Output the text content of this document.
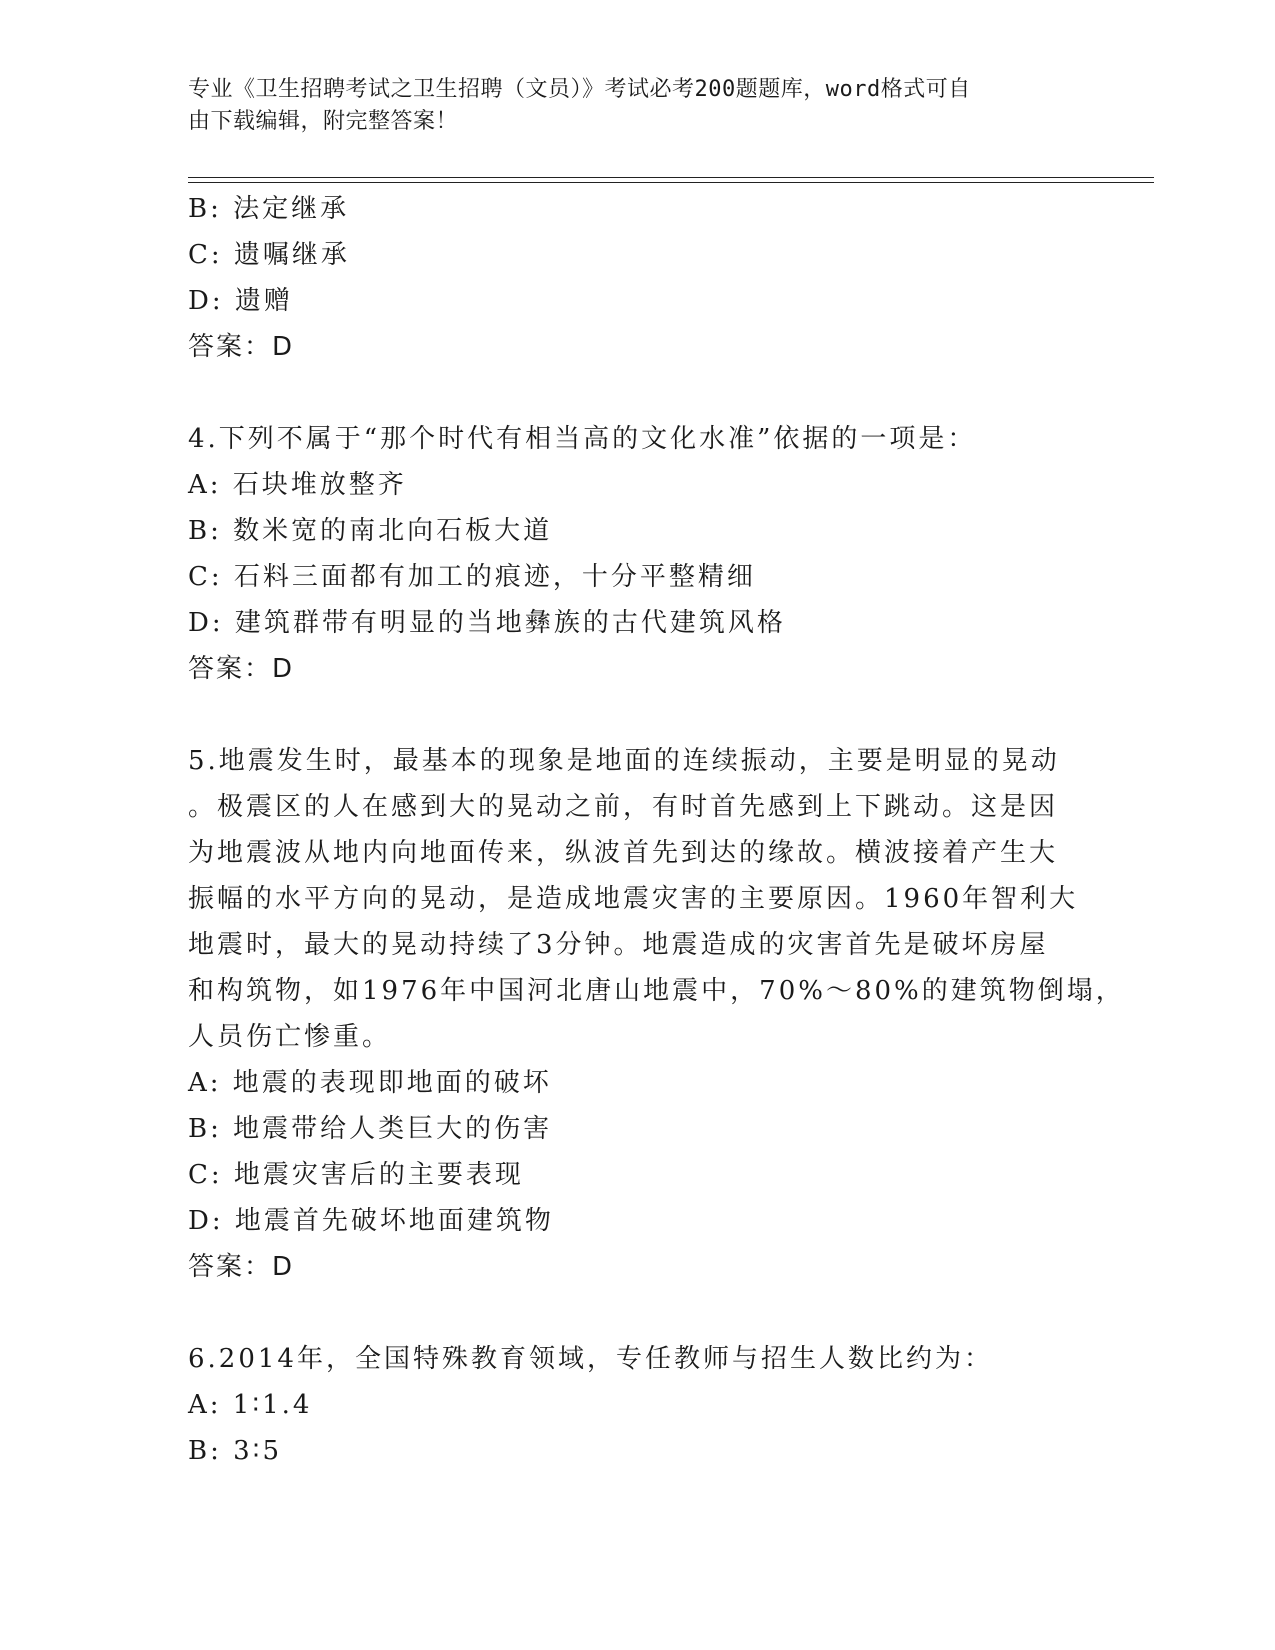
专业《卫生招聘考试之卫生招聘（文员）》考试必考200题题库，word格式可自
由下载编辑，附完整答案！
B: 法定继承
C: 遗嘱继承
D: 遗赠
答案：D
4.下列不属于“那个时代有相当高的文化水准”依据的一项是：
A: 石块堆放整齐
B: 数米宽的南北向石板大道
C: 石料三面都有加工的痕迹，十分平整精细
D: 建筑群带有明显的当地彝族的古代建筑风格
答案：D
5.地震发生时，最基本的现象是地面的连续振动，主要是明显的晃动
。极震区的人在感到大的晃动之前，有时首先感到上下跳动。这是因
为地震波从地内向地面传来，纵波首先到达的缘故。横波接着产生大
振幅的水平方向的晃动，是造成地震灾害的主要原因。1960年智利大
地震时，最大的晃动持续了3分钟。地震造成的灾害首先是破坏房屋
和构筑物，如1976年中国河北唐山地震中，70%～80%的建筑物倒塌，
人员伤亡惨重。
A: 地震的表现即地面的破坏
B: 地震带给人类巨大的伤害
C: 地震灾害后的主要表现
D: 地震首先破坏地面建筑物
答案：D
6.2014年，全国特殊教育领域，专任教师与招生人数比约为：
A: 1∶1.4
B: 3∶5
